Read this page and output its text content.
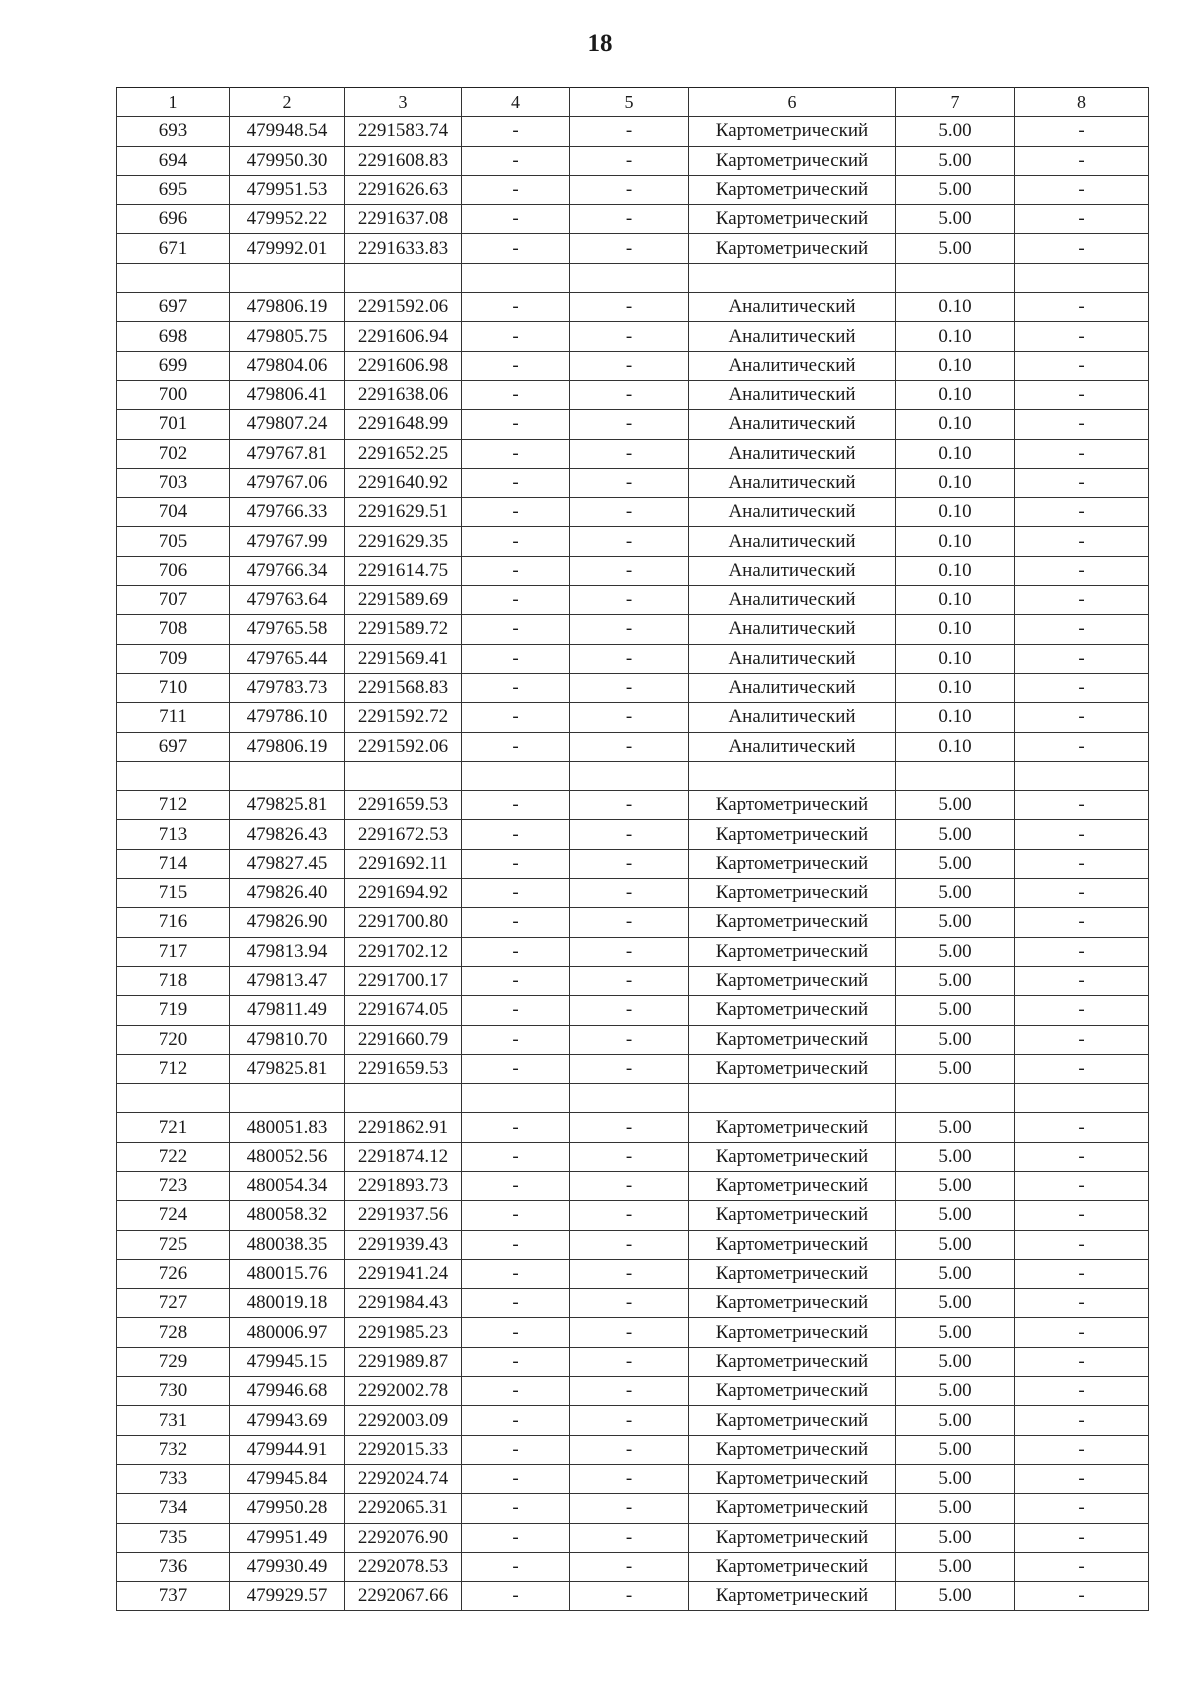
18
1	2	3	4	5	6	7	8
693	479948.54	2291583.74	-	-	Картометрический	5.00	-
694	479950.30	2291608.83	-	-	Картометрический	5.00	-
695	479951.53	2291626.63	-	-	Картометрический	5.00	-
696	479952.22	2291637.08	-	-	Картометрический	5.00	-
671	479992.01	2291633.83	-	-	Картометрический	5.00	-

697	479806.19	2291592.06	-	-	Аналитический	0.10	-
698	479805.75	2291606.94	-	-	Аналитический	0.10	-
699	479804.06	2291606.98	-	-	Аналитический	0.10	-
700	479806.41	2291638.06	-	-	Аналитический	0.10	-
701	479807.24	2291648.99	-	-	Аналитический	0.10	-
702	479767.81	2291652.25	-	-	Аналитический	0.10	-
703	479767.06	2291640.92	-	-	Аналитический	0.10	-
704	479766.33	2291629.51	-	-	Аналитический	0.10	-
705	479767.99	2291629.35	-	-	Аналитический	0.10	-
706	479766.34	2291614.75	-	-	Аналитический	0.10	-
707	479763.64	2291589.69	-	-	Аналитический	0.10	-
708	479765.58	2291589.72	-	-	Аналитический	0.10	-
709	479765.44	2291569.41	-	-	Аналитический	0.10	-
710	479783.73	2291568.83	-	-	Аналитический	0.10	-
711	479786.10	2291592.72	-	-	Аналитический	0.10	-
697	479806.19	2291592.06	-	-	Аналитический	0.10	-

712	479825.81	2291659.53	-	-	Картометрический	5.00	-
713	479826.43	2291672.53	-	-	Картометрический	5.00	-
714	479827.45	2291692.11	-	-	Картометрический	5.00	-
715	479826.40	2291694.92	-	-	Картометрический	5.00	-
716	479826.90	2291700.80	-	-	Картометрический	5.00	-
717	479813.94	2291702.12	-	-	Картометрический	5.00	-
718	479813.47	2291700.17	-	-	Картометрический	5.00	-
719	479811.49	2291674.05	-	-	Картометрический	5.00	-
720	479810.70	2291660.79	-	-	Картометрический	5.00	-
712	479825.81	2291659.53	-	-	Картометрический	5.00	-

721	480051.83	2291862.91	-	-	Картометрический	5.00	-
722	480052.56	2291874.12	-	-	Картометрический	5.00	-
723	480054.34	2291893.73	-	-	Картометрический	5.00	-
724	480058.32	2291937.56	-	-	Картометрический	5.00	-
725	480038.35	2291939.43	-	-	Картометрический	5.00	-
726	480015.76	2291941.24	-	-	Картометрический	5.00	-
727	480019.18	2291984.43	-	-	Картометрический	5.00	-
728	480006.97	2291985.23	-	-	Картометрический	5.00	-
729	479945.15	2291989.87	-	-	Картометрический	5.00	-
730	479946.68	2292002.78	-	-	Картометрический	5.00	-
731	479943.69	2292003.09	-	-	Картометрический	5.00	-
732	479944.91	2292015.33	-	-	Картометрический	5.00	-
733	479945.84	2292024.74	-	-	Картометрический	5.00	-
734	479950.28	2292065.31	-	-	Картометрический	5.00	-
735	479951.49	2292076.90	-	-	Картометрический	5.00	-
736	479930.49	2292078.53	-	-	Картометрический	5.00	-
737	479929.57	2292067.66	-	-	Картометрический	5.00	-
